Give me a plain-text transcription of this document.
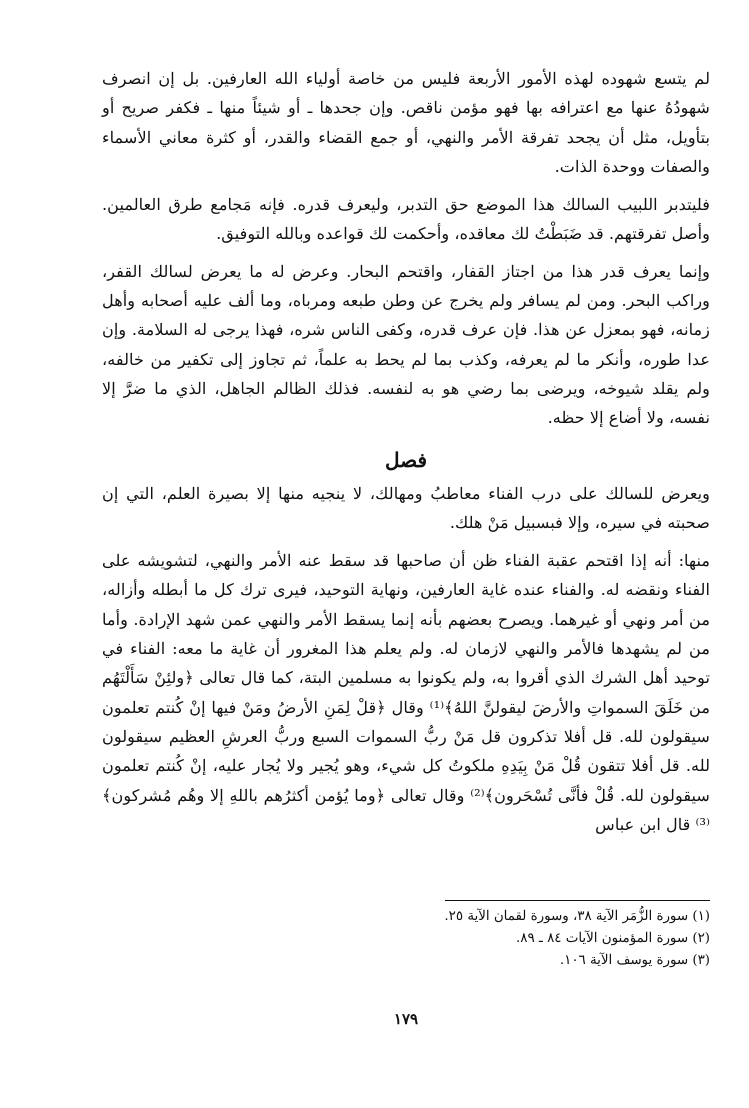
لم يتسع شهوده لهذه الأمور الأربعة فليس من خاصة أولياء الله العارفين. بل إن انصرف شهودُهُ عنها مع اعترافه بها فهو مؤمن ناقص. وإن جحدها ـ أو شيئاً منها ـ فكفر صريح أو بتأويل، مثل أن يجحد تفرقة الأمر والنهي، أو جمع القضاء والقدر، أو كثرة معاني الأسماء والصفات ووحدة الذات.

فليتدبر اللبيب السالك هذا الموضع حق التدبر، وليعرف قدره. فإنه مَجامع طرق العالمين. وأصل تفرقتهم. قد ضَبَطْتُ لك معاقده، وأحكمت لك قواعده وبالله التوفيق.

وإنما يعرف قدر هذا من اجتاز القفار، واقتحم البحار. وعرض له ما يعرض لسالك القفر، وراكب البحر. ومن لم يسافر ولم يخرج عن وطن طبعه ومرباه، وما ألف عليه أصحابه وأهل زمانه، فهو بمعزل عن هذا. فإن عرف قدره، وكفى الناس شره، فهذا يرجى له السلامة. وإن عدا طوره، وأنكر ما لم يعرفه، وكذب بما لم يحط به علماً، ثم تجاوز إلى تكفير من خالفه، ولم يقلد شيوخه، ويرضى بما رضي هو به لنفسه. فذلك الظالم الجاهل، الذي ما ضرَّ إلا نفسه، ولا أضاع إلا حظه.

فصل

ويعرض للسالك على درب الفناء معاطبُ ومهالك، لا ينجيه منها إلا بصيرة العلم، التي إن صحبته في سيره، وإلا فبسبيل مَنْ هلك.

منها: أنه إذا اقتحم عقبة الفناء ظن أن صاحبها قد سقط عنه الأمر والنهي، لتشويشه على الفناء ونقضه له. والفناء عنده غاية العارفين، ونهاية التوحيد، فيرى ترك كل ما أبطله وأزاله، من أمر ونهي أو غيرهما. ويصرح بعضهم بأنه إنما يسقط الأمر والنهي عمن شهد الإرادة. وأما من لم يشهدها فالأمر والنهي لازمان له. ولم يعلم هذا المغرور أن غاية ما معه: الفناء في توحيد أهل الشرك الذي أقروا به، ولم يكونوا به مسلمين البتة، كما قال تعالى ﴿ولئِنْ سَأَلْتَهُم من خَلَقَ السمواتِ والأرضَ ليقولنَّ اللهُ﴾⁽¹⁾ وقال ﴿قلْ لِمَنِ الأرضُ ومَنْ فيها إنْ كُنتم تعلمون سيقولون لله. قل أفلا تذكرون قل مَنْ ربُّ السموات السبع وربُّ العرشِ العظيم سيقولون لله. قل أفلا تتقون قُلْ مَنْ بِيَدِهِ ملكوتُ كل شيء، وهو يُجير ولا يُجار عليه، إنْ كُنتم تعلمون سيقولون لله. قُلْ فأنَّى تُسْحَرون﴾⁽²⁾ وقال تعالى ﴿وما يُؤمن أكثرُهم باللهِ إلا وهُم مُشركون﴾⁽³⁾ قال ابن عباس

(١) سورة الزُّمَر الآية ٣٨، وسورة لقمان الآية ٢٥.

(٢) سورة المؤمنون الآيات ٨٤ ـ ٨٩.

(٣) سورة يوسف الآية ١٠٦.

١٧٩
